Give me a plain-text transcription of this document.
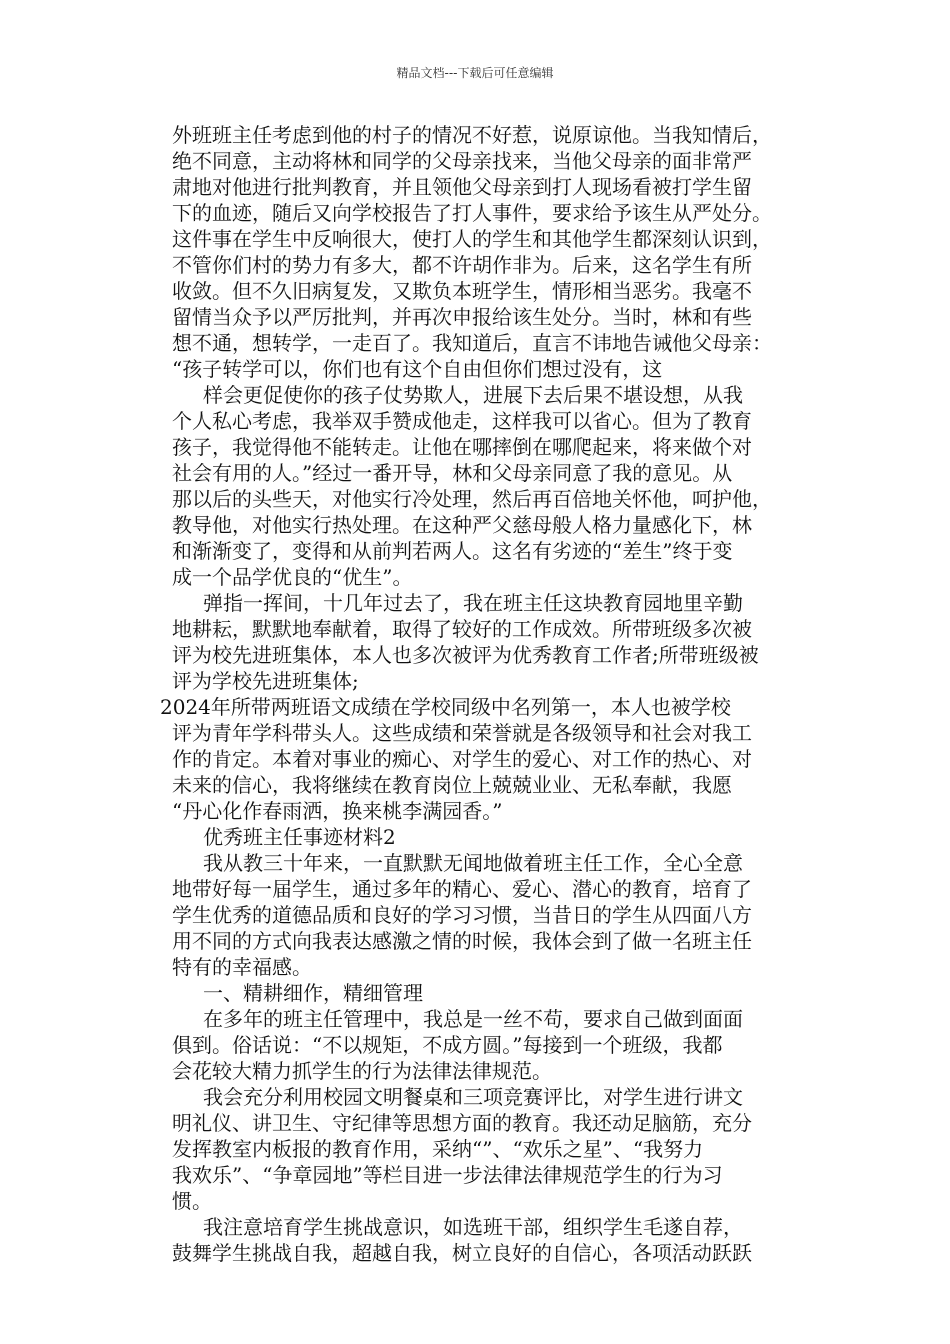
精品文档---下载后可任意编辑
外班班主任考虑到他的村子的情况不好惹，说原谅他。当我知情后，
绝不同意，主动将林和同学的父母亲找来，当他父母亲的面非常严
肃地对他进行批判教育，并且领他父母亲到打人现场看被打学生留
下的血迹，随后又向学校报告了打人事件，要求给予该生从严处分。
这件事在学生中反响很大，使打人的学生和其他学生都深刻认识到，
不管你们村的势力有多大，都不许胡作非为。后来，这名学生有所
收敛。但不久旧病复发，又欺负本班学生，情形相当恶劣。我毫不
留情当众予以严厉批判，并再次申报给该生处分。当时，林和有些
想不通，想转学，一走百了。我知道后，直言不讳地告诫他父母亲：
“孩子转学可以，你们也有这个自由但你们想过没有，这
样会更促使你的孩子仗势欺人，进展下去后果不堪设想，从我
个人私心考虑，我举双手赞成他走，这样我可以省心。但为了教育
孩子，我觉得他不能转走。让他在哪摔倒在哪爬起来，将来做个对
社会有用的人。”经过一番开导，林和父母亲同意了我的意见。从
那以后的头些天，对他实行冷处理，然后再百倍地关怀他，呵护他，
教导他，对他实行热处理。在这种严父慈母般人格力量感化下，林
和渐渐变了，变得和从前判若两人。这名有劣迹的“差生”终于变
成一个品学优良的“优生”。
弹指一挥间，十几年过去了，我在班主任这块教育园地里辛勤
地耕耘，默默地奉献着，取得了较好的工作成效。所带班级多次被
评为校先进班集体，本人也多次被评为优秀教育工作者;所带班级被
评为学校先进班集体;
2024年所带两班语文成绩在学校同级中名列第一，本人也被学校
评为青年学科带头人。这些成绩和荣誉就是各级领导和社会对我工
作的肯定。本着对事业的痴心、对学生的爱心、对工作的热心、对
未来的信心，我将继续在教育岗位上兢兢业业、无私奉献，我愿
“丹心化作春雨洒，换来桃李满园香。”
优秀班主任事迹材料2
我从教三十年来，一直默默无闻地做着班主任工作，全心全意
地带好每一届学生，通过多年的精心、爱心、潜心的教育，培育了
学生优秀的道德品质和良好的学习习惯，当昔日的学生从四面八方
用不同的方式向我表达感激之情的时候，我体会到了做一名班主任
特有的幸福感。
一、精耕细作，精细管理
在多年的班主任管理中，我总是一丝不苟，要求自己做到面面
俱到。俗话说：“不以规矩，不成方圆。”每接到一个班级，我都
会花较大精力抓学生的行为法律法律规范。
我会充分利用校园文明餐桌和三项竞赛评比，对学生进行讲文
明礼仪、讲卫生、守纪律等思想方面的教育。我还动足脑筋，充分
发挥教室内板报的教育作用，采纳“”、“欢乐之星”、“我努力
我欢乐”、“争章园地”等栏目进一步法律法律规范学生的行为习
惯。
我注意培育学生挑战意识，如选班干部，组织学生毛遂自荐，
鼓舞学生挑战自我，超越自我，树立良好的自信心，各项活动跃跃
